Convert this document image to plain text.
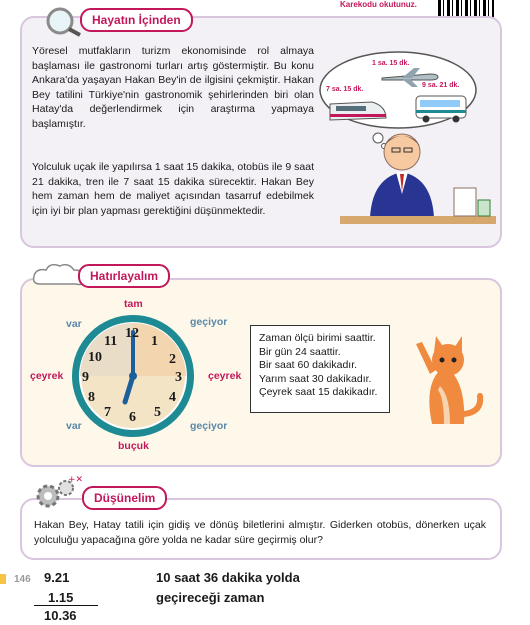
Karekodu okutunuz.
Hayatın İçinden
Yöresel mutfakların turizm ekonomisinde rol almaya başlaması ile gastronomi turları artış göstermiştir. Bu konu Ankara'da yaşayan Hakan Bey'in de ilgisini çekmiştir. Hakan Bey tatilini Türkiye'nin gastronomik şehirlerinden biri olan Hatay'da değerlendirmek için araştırma yapmaya başlamıştır.
Yolculuk uçak ile yapılırsa 1 saat 15 dakika, otobüs ile 9 saat 21 dakika, tren ile 7 saat 15 dakika sürecektir. Hakan Bey hem zaman hem de maliyet açısından tasarruf edebilmek için iyi bir plan yapması gerektiğini düşünmektedir.
1 sa. 15 dk.
7 sa. 15 dk.
9 sa. 21 dk.
Hatırlayalım
12
1
2
3
4
5
6
7
8
9
10
11
tam
var	geçiyor
çeyrek	çeyrek
var	geçiyor
buçuk
Zaman ölçü birimi saattir.
Bir gün 24 saattir.
Bir saat 60 dakikadır.
Yarım saat 30 dakikadır.
Çeyrek saat 15 dakikadır.
+✕
Düşünelim
Hakan Bey, Hatay tatili için gidiş ve dönüş biletlerini almıştır. Giderken otobüs, dönerken uçak yolculuğu yapacağına göre yolda ne kadar süre geçirmiş olur?
146 9.21
1.15
10.36
10 saat 36 dakika yolda
geçireceği zaman
